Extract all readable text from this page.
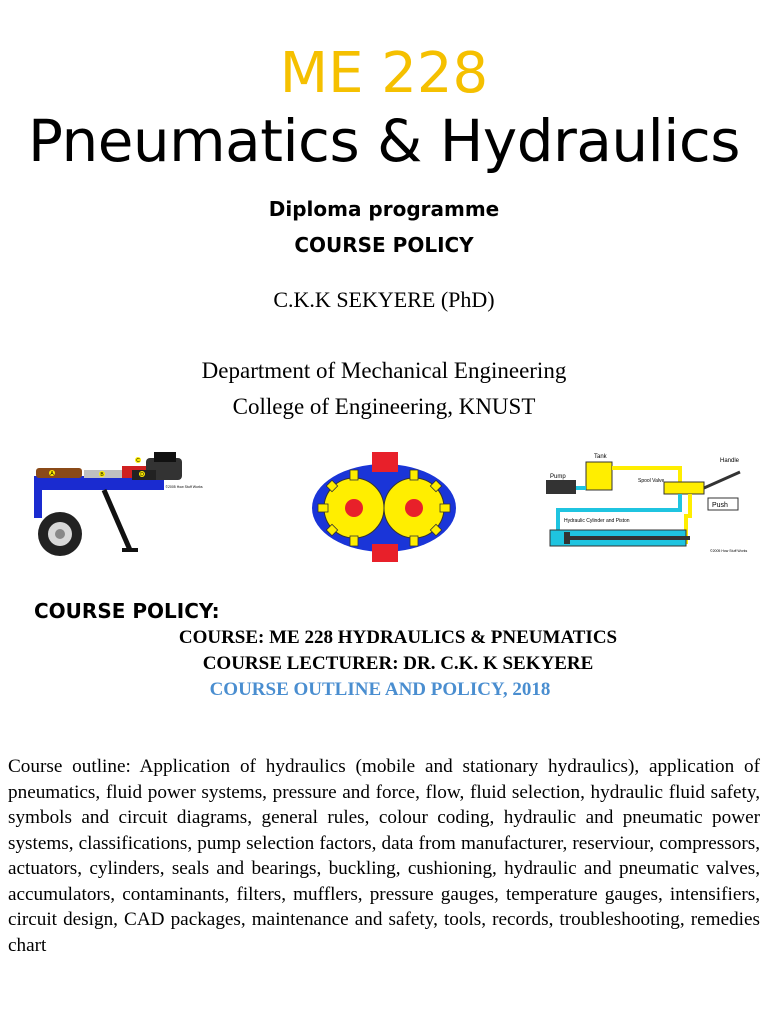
ME 228
Pneumatics & Hydraulics
Diploma programme
COURSE POLICY
C.K.K SEKYERE (PhD)
Department of Mechanical Engineering
College of Engineering, KNUST
A	B
C
D
©2005 How Stuff Works
Tank
Pump
Spool Valve
Handle
Push
Hydraulic Cylinder and Piston
©2005 How Stuff Works
COURSE POLICY:
COURSE: ME 228 HYDRAULICS & PNEUMATICS
COURSE LECTURER: DR. C.K. K SEKYERE
COURSE OUTLINE AND POLICY, 2018
Course outline: Application of hydraulics (mobile and stationary hydraulics), application of pneumatics, fluid power systems, pressure and force, flow, fluid selection, hydraulic fluid safety, symbols and circuit diagrams, general rules, colour coding, hydraulic and pneumatic power systems, classifications, pump selection factors, data from manufacturer, reserviour, compressors, actuators, cylinders, seals and bearings, buckling, cushioning, hydraulic and pneumatic valves, accumulators, contaminants, filters, mufflers, pressure gauges, temperature gauges, intensifiers, circuit design, CAD packages, maintenance and safety, tools, records, troubleshooting, remedies chart
